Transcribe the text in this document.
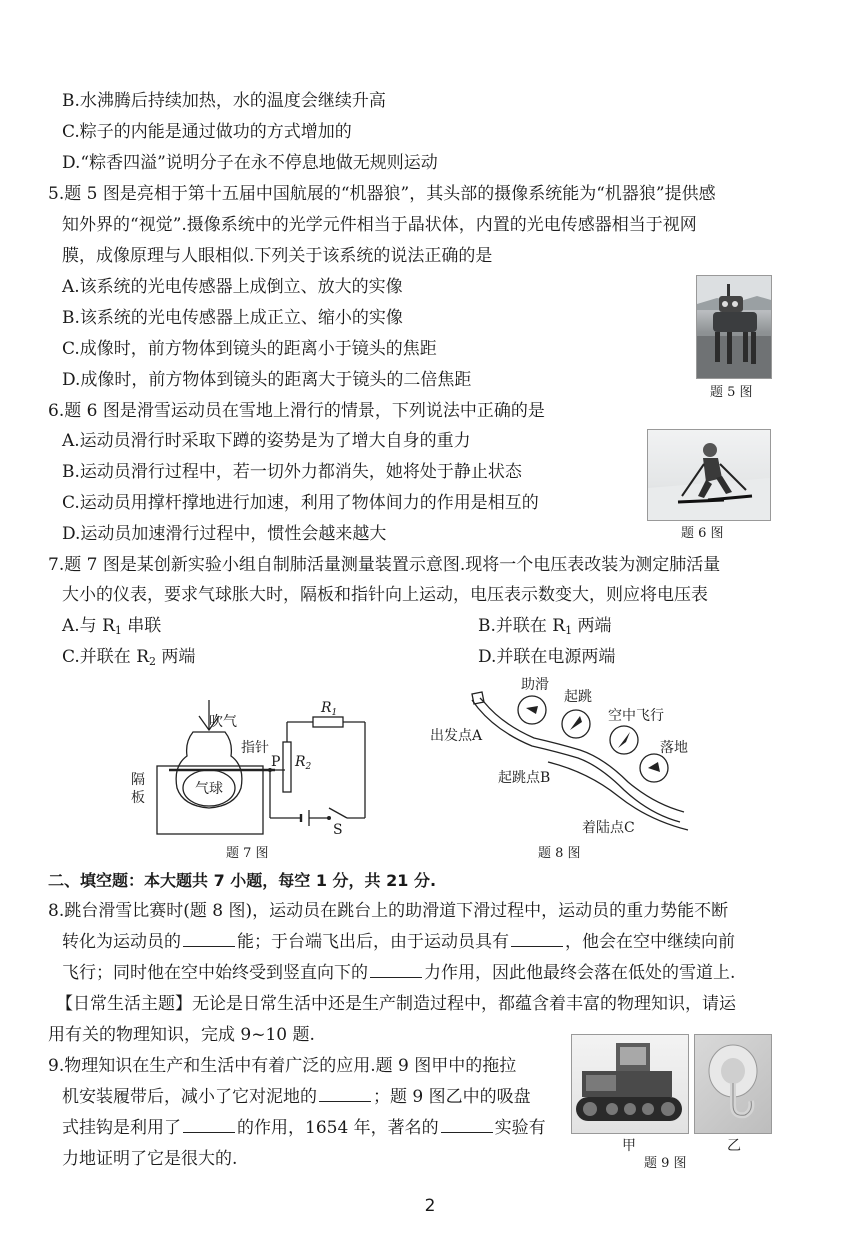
B.水沸腾后持续加热，水的温度会继续升高
C.粽子的内能是通过做功的方式增加的
D.“粽香四溢”说明分子在永不停息地做无规则运动
5.题 5 图是亮相于第十五届中国航展的“机器狼”，其头部的摄像系统能为“机器狼”提供感
知外界的“视觉”.摄像系统中的光学元件相当于晶状体，内置的光电传感器相当于视网
膜，成像原理与人眼相似.下列关于该系统的说法正确的是
A.该系统的光电传感器上成倒立、放大的实像
B.该系统的光电传感器上成正立、缩小的实像
C.成像时，前方物体到镜头的距离小于镜头的焦距
D.成像时，前方物体到镜头的距离大于镜头的二倍焦距
题 5 图
6.题 6 图是滑雪运动员在雪地上滑行的情景，下列说法中正确的是
A.运动员滑行时采取下蹲的姿势是为了增大自身的重力
B.运动员滑行过程中，若一切外力都消失，她将处于静止状态
C.运动员用撑杆撑地进行加速，利用了物体间力的作用是相互的
D.运动员加速滑行过程中，惯性会越来越大	题 6 图
7.题 7 图是某创新实验小组自制肺活量测量装置示意图.现将一个电压表改装为测定肺活量
大小的仪表，要求气球胀大时，隔板和指针向上运动，电压表示数变大，则应将电压表
A.与 $R_1$ 串联	B.并联在 $R_1$ 两端
C.并联在 $R_2$ 两端	D.并联在电源两端
吹气
指针
P
$R_1$
$R_2$
隔
板
气球
S
题 7 图
助滑
起跳
空中飞行
落地
出发点A
起跳点B
着陆点C
题 8 图
二、填空题：本大题共 7 小题，每空 1 分，共 21 分.
8.跳台滑雪比赛时(题 8 图)，运动员在跳台上的助滑道下滑过程中，运动员的重力势能不断
转化为运动员的	能；于台端飞出后，由于运动员具有	，他会在空中继续向前
飞行；同时他在空中始终受到竖直向下的	力作用，因此他最终会落在低处的雪道上.
【日常生活主题】无论是日常生活中还是生产制造过程中，都蕴含着丰富的物理知识，请运
用有关的物理知识，完成 9~10 题.
9.物理知识在生产和生活中有着广泛的应用.题 9 图甲中的拖拉
机安装履带后，减小了它对泥地的	；题 9 图乙中的吸盘
式挂钩是利用了	的作用，1654 年，著名的	实验有
力地证明了它是很大的.
甲	乙
题 9 图
2
